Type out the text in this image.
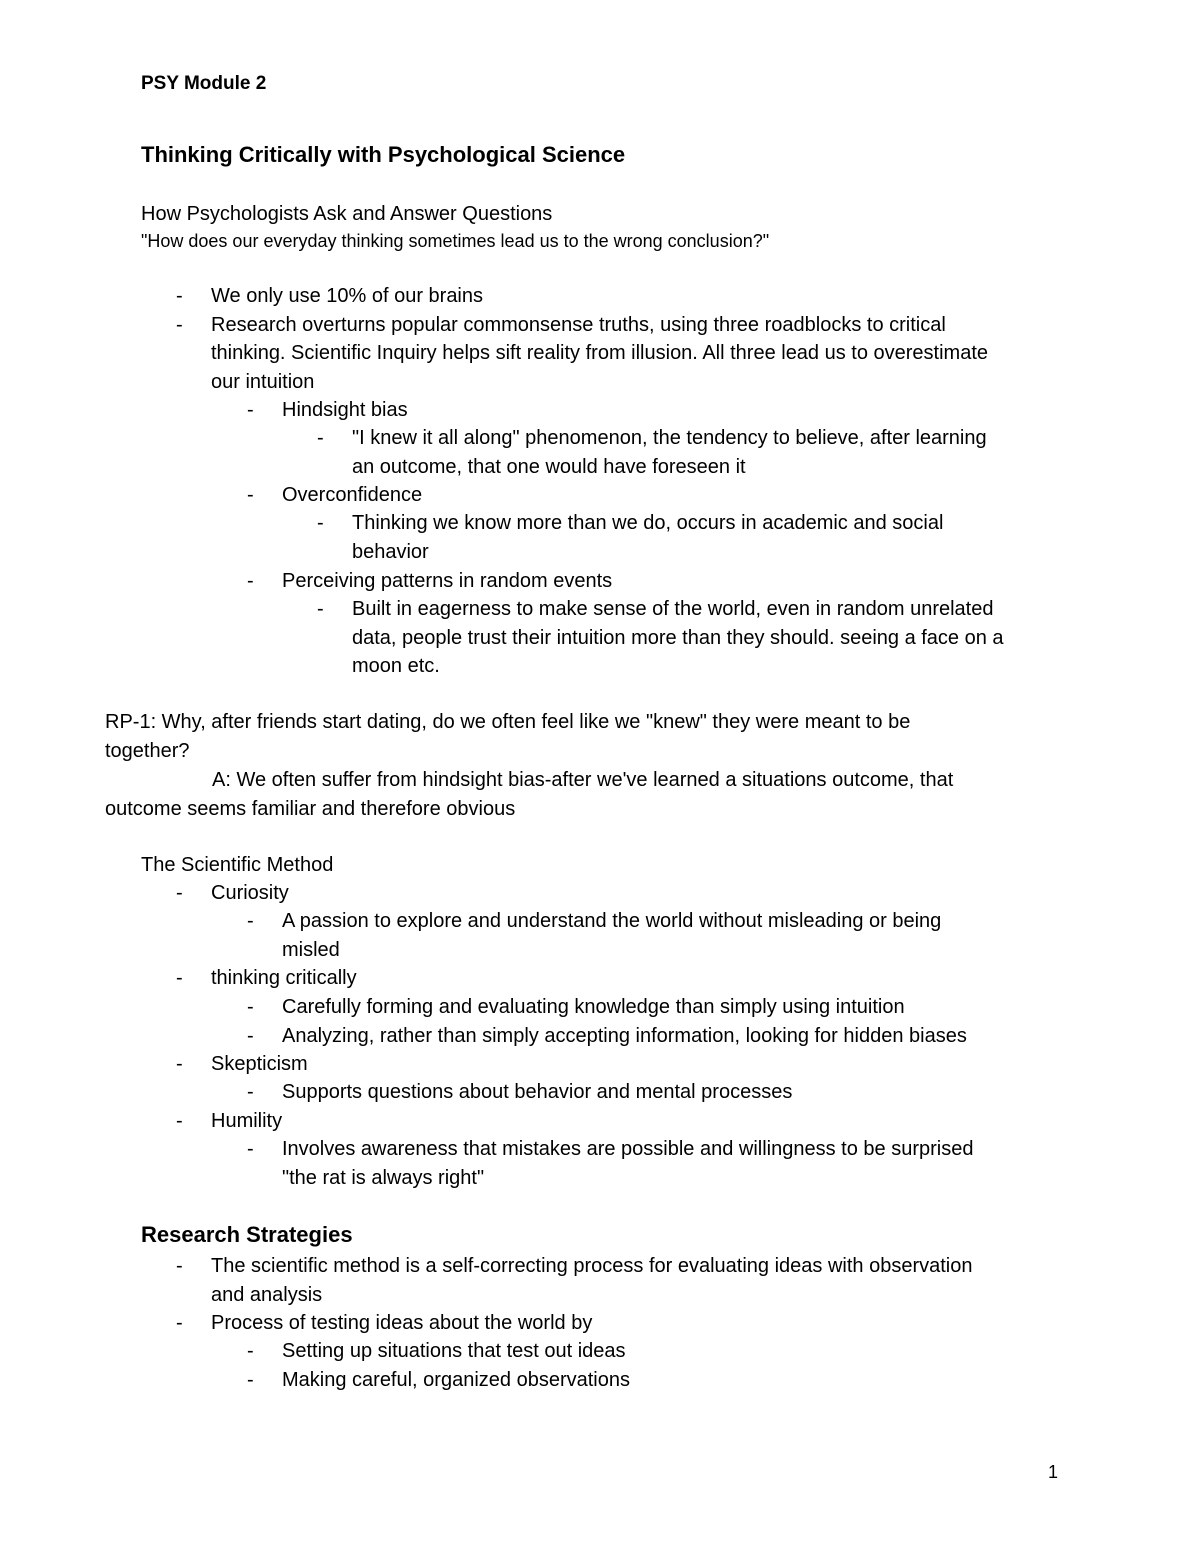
PSY Module 2
Thinking Critically with Psychological Science
How Psychologists Ask and Answer Questions
"How does our everyday thinking sometimes lead us to the wrong conclusion?"
- We only use 10% of our brains
- Research overturns popular commonsense truths, using three roadblocks to critical
thinking. Scientific Inquiry helps sift reality from illusion. All three lead us to overestimate
our intuition
- Hindsight bias
- "I knew it all along" phenomenon, the tendency to believe, after learning
an outcome, that one would have foreseen it
- Overconfidence
- Thinking we know more than we do, occurs in academic and social
behavior
- Perceiving patterns in random events
- Built in eagerness to make sense of the world, even in random unrelated
data, people trust their intuition more than they should. seeing a face on a
moon etc.
RP-1: Why, after friends start dating, do we often feel like we "knew" they were meant to be
together?
A: We often suffer from hindsight bias-after we've learned a situations outcome, that
outcome seems familiar and therefore obvious
The Scientific Method
- Curiosity
- A passion to explore and understand the world without misleading or being
misled
- thinking critically
- Carefully forming and evaluating knowledge than simply using intuition
- Analyzing, rather than simply accepting information, looking for hidden biases
- Skepticism
- Supports questions about behavior and mental processes
- Humility
- Involves awareness that mistakes are possible and willingness to be surprised
"the rat is always right"
Research Strategies
- The scientific method is a self-correcting process for evaluating ideas with observation
and analysis
- Process of testing ideas about the world by
- Setting up situations that test out ideas
- Making careful, organized observations
1
